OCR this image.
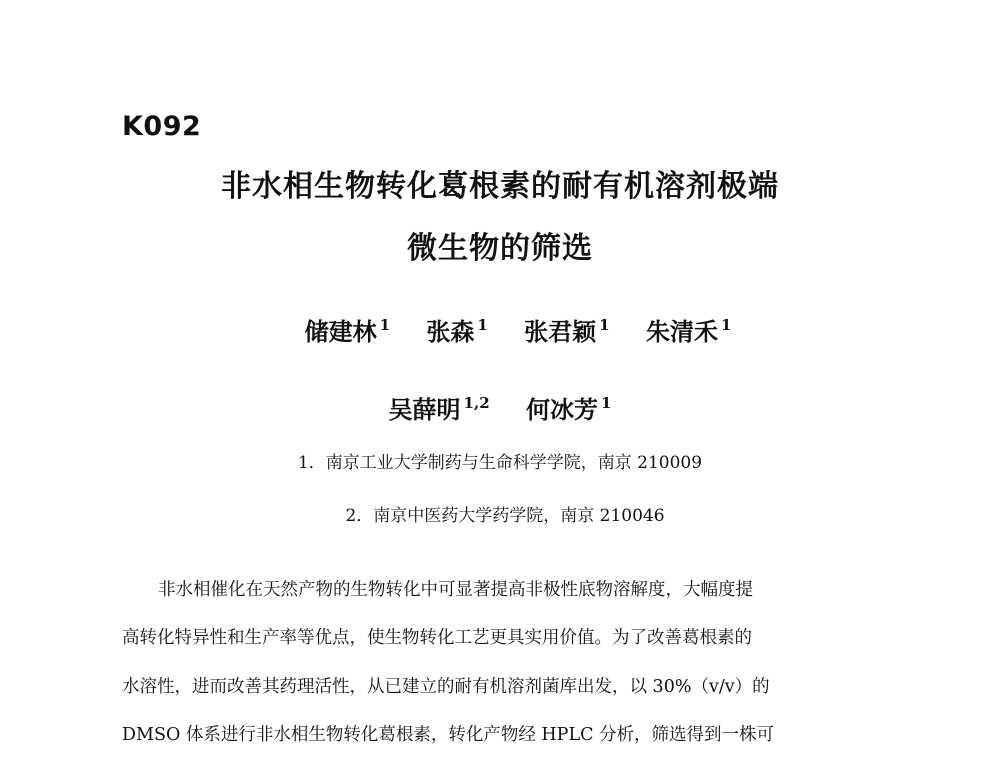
K092
非水相生物转化葛根素的耐有机溶剂极端
微生物的筛选
储建林 $^1$ 张森 $^1$ 张君颖 $^1$ 朱清禾 $^1$
吴薛明 $^{1,2}$ 何冰芳 $^1$
1．南京工业大学制药与生命科学学院，南京 210009
2．南京中医药大学药学院，南京 210046
非水相催化在天然产物的生物转化中可显著提高非极性底物溶解度，大幅度提
高转化特异性和生产率等优点，使生物转化工艺更具实用价值。为了改善葛根素的
水溶性，进而改善其药理活性，从已建立的耐有机溶剂菌库出发，以 30%（v/v）的
DMSO 体系进行非水相生物转化葛根素，转化产物经 HPLC 分析，筛选得到一株可
